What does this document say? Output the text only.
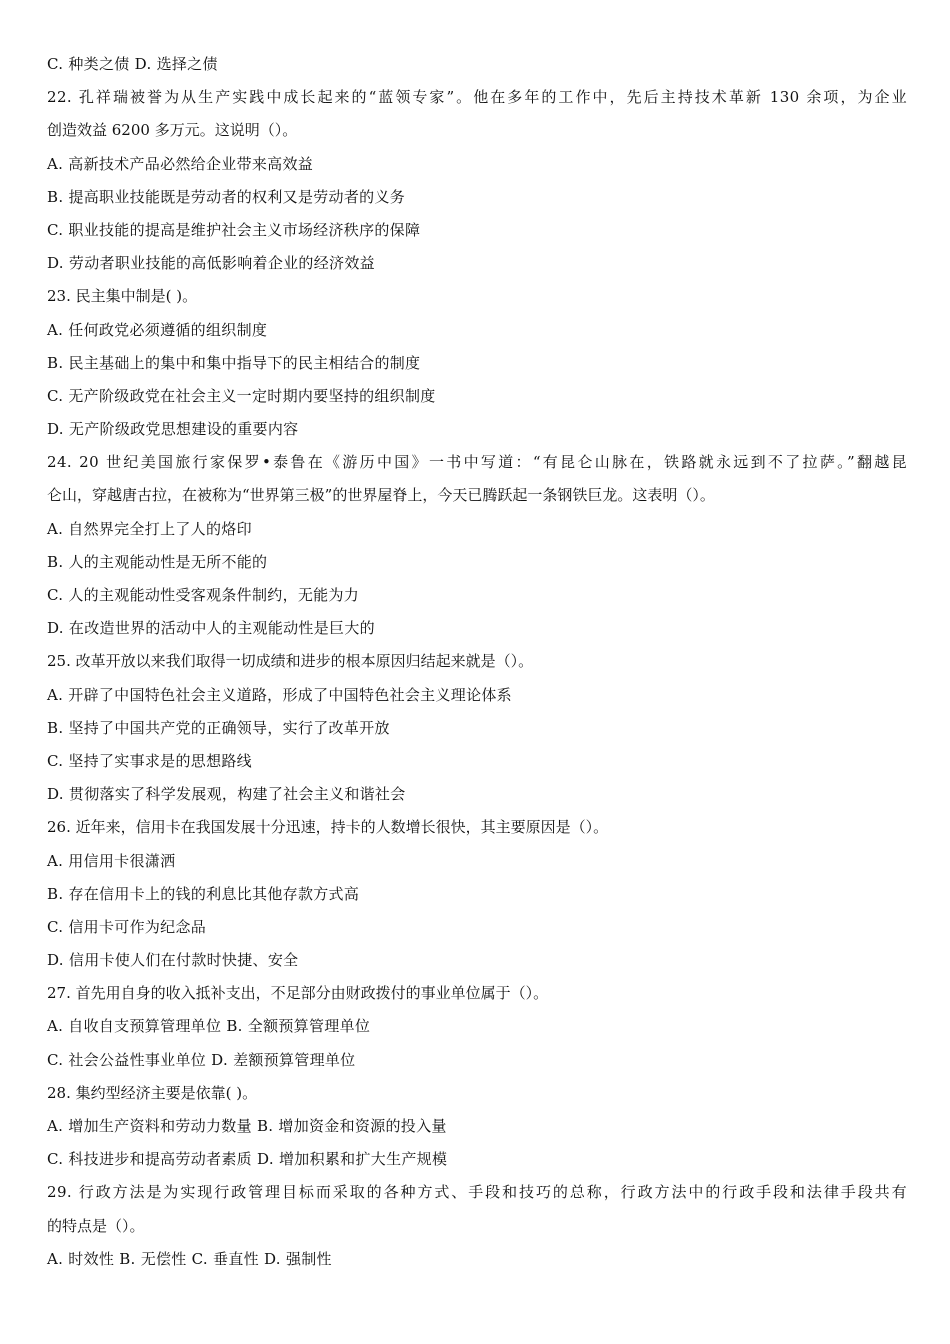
C. 种类之债 D. 选择之债
22. 孔祥瑞被誉为从生产实践中成长起来的“蓝领专家”。他在多年的工作中，先后主持技术革新 130 余项，为企业
创造效益 6200 多万元。这说明（）。
A. 高新技术产品必然给企业带来高效益
B. 提高职业技能既是劳动者的权利又是劳动者的义务
C. 职业技能的提高是维护社会主义市场经济秩序的保障
D. 劳动者职业技能的高低影响着企业的经济效益
23. 民主集中制是( )。
A. 任何政党必须遵循的组织制度
B. 民主基础上的集中和集中指导下的民主相结合的制度
C. 无产阶级政党在社会主义一定时期内要坚持的组织制度
D. 无产阶级政党思想建设的重要内容
24. 20 世纪美国旅行家保罗•泰鲁在《游历中国》一书中写道：“有昆仑山脉在，铁路就永远到不了拉萨。”翻越昆
仑山，穿越唐古拉，在被称为“世界第三极”的世界屋脊上，今天已腾跃起一条钢铁巨龙。这表明（）。
A. 自然界完全打上了人的烙印
B. 人的主观能动性是无所不能的
C. 人的主观能动性受客观条件制约，无能为力
D. 在改造世界的活动中人的主观能动性是巨大的
25. 改革开放以来我们取得一切成绩和进步的根本原因归结起来就是（）。
A. 开辟了中国特色社会主义道路，形成了中国特色社会主义理论体系
B. 坚持了中国共产党的正确领导，实行了改革开放
C. 坚持了实事求是的思想路线
D. 贯彻落实了科学发展观，构建了社会主义和谐社会
26. 近年来，信用卡在我国发展十分迅速，持卡的人数增长很快，其主要原因是（）。
A. 用信用卡很潇洒
B. 存在信用卡上的钱的利息比其他存款方式高
C. 信用卡可作为纪念品
D. 信用卡使人们在付款时快捷、安全
27. 首先用自身的收入抵补支出，不足部分由财政拨付的事业单位属于（）。
A. 自收自支预算管理单位 B. 全额预算管理单位
C. 社会公益性事业单位 D. 差额预算管理单位
28. 集约型经济主要是依靠( )。
A. 增加生产资料和劳动力数量 B. 增加资金和资源的投入量
C. 科技进步和提高劳动者素质 D. 增加积累和扩大生产规模
29. 行政方法是为实现行政管理目标而采取的各种方式、手段和技巧的总称，行政方法中的行政手段和法律手段共有
的特点是（）。
A. 时效性 B. 无偿性 C. 垂直性 D. 强制性
